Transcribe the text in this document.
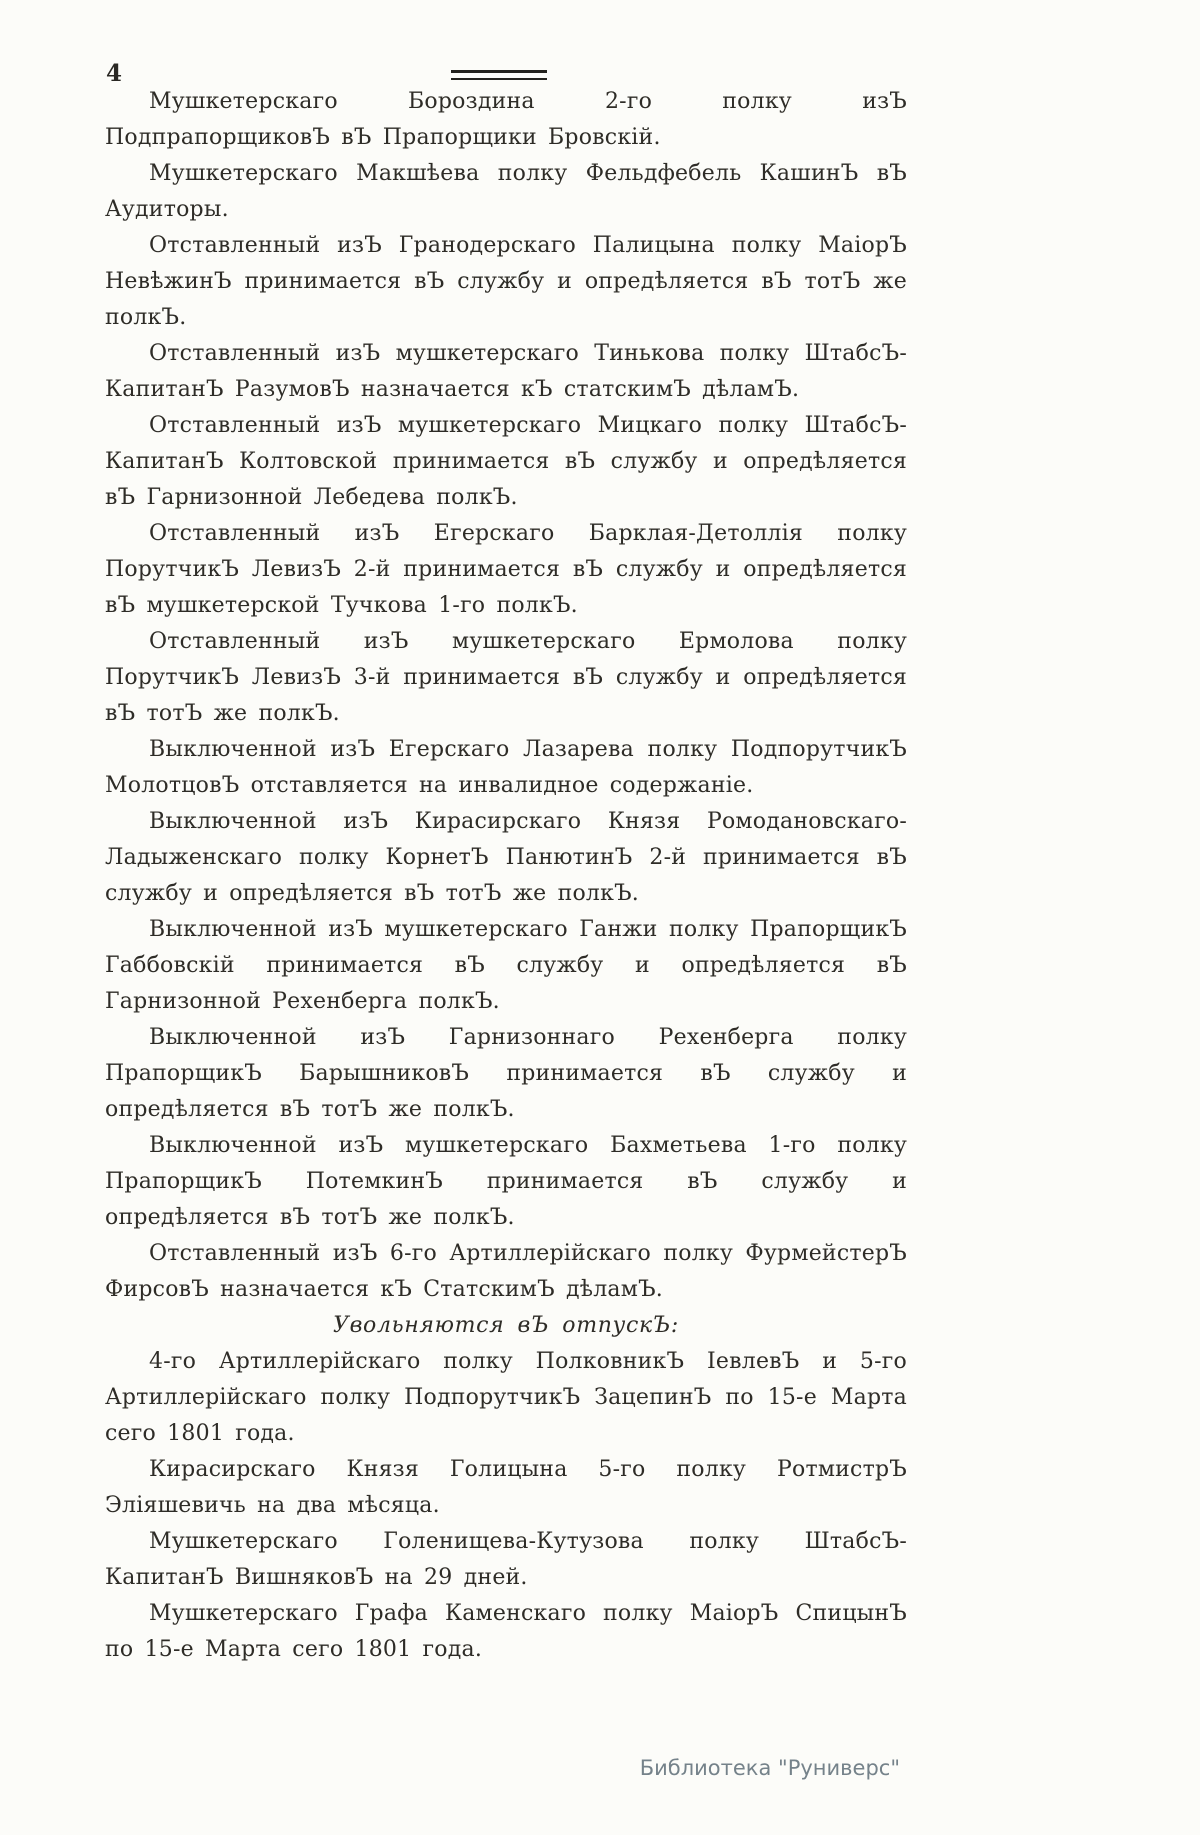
4

Мушкетерскаго Бороздина 2-го полку изЪ ПодпрапорщиковЪ вЪ Прапорщики Бровскій.

Мушкетерскаго Макшѣева полку Фельдфебель КашинЪ вЪ Аудиторы.

Отставленный изЪ Гранодерскаго Палицына полку МаіорЪ НевѣжинЪ принимается вЪ службу и опредѣляется вЪ тотЪ же полкЪ.

Отставленный изЪ мушкетерскаго Тинькова полку ШтабсЪ-КапитанЪ РазумовЪ назначается кЪ статскимЪ дѣламЪ.

Отставленный изЪ мушкетерскаго Мицкаго полку ШтабсЪ-КапитанЪ Колтовской принимается вЪ службу и опредѣляется вЪ Гарнизонной Лебедева полкЪ.

Отставленный изЪ Егерскаго Барклая-Детоллія полку ПорутчикЪ ЛевизЪ 2-й принимается вЪ службу и опредѣляется вЪ мушкетерской Тучкова 1-го полкЪ.

Отставленный изЪ мушкетерскаго Ермолова полку ПорутчикЪ ЛевизЪ 3-й принимается вЪ службу и опредѣляется вЪ тотЪ же полкЪ.

Выключенной изЪ Егерскаго Лазарева полку ПодпорутчикЪ МолотцовЪ отставляется на инвалидное содержаніе.

Выключенной изЪ Кирасирскаго Князя Ромодановскаго-Ладыженскаго полку КорнетЪ ПанютинЪ 2-й принимается вЪ службу и опредѣляется вЪ тотЪ же полкЪ.

Выключенной изЪ мушкетерскаго Ганжи полку ПрапорщикЪ Габбовскій принимается вЪ службу и опредѣляется вЪ Гарнизонной Рехенберга полкЪ.

Выключенной изЪ Гарнизоннаго Рехенберга полку ПрапорщикЪ БарышниковЪ принимается вЪ службу и опредѣляется вЪ тотЪ же полкЪ.

Выключенной изЪ мушкетерскаго Бахметьева 1-го полку ПрапорщикЪ ПотемкинЪ принимается вЪ службу и опредѣляется вЪ тотЪ же полкЪ.

Отставленный изЪ 6-го Артиллерійскаго полку ФурмейстерЪ ФирсовЪ назначается кЪ СтатскимЪ дѣламЪ.

Увольняются вЪ отпускЪ:

4-го Артиллерійскаго полку ПолковникЪ ІевлевЪ и 5-го Артиллерійскаго полку ПодпорутчикЪ ЗацепинЪ по 15-е Марта сего 1801 года.

Кирасирскаго Князя Голицына 5-го полку РотмистрЪ Эліяшевичь на два мѣсяца.

Мушкетерскаго Голенищева-Кутузова полку ШтабсЪ-КапитанЪ ВишняковЪ на 29 дней.

Мушкетерскаго Графа Каменскаго полку МаіорЪ СпицынЪ по 15-е Марта сего 1801 года.

Библиотека "Руниверс"
